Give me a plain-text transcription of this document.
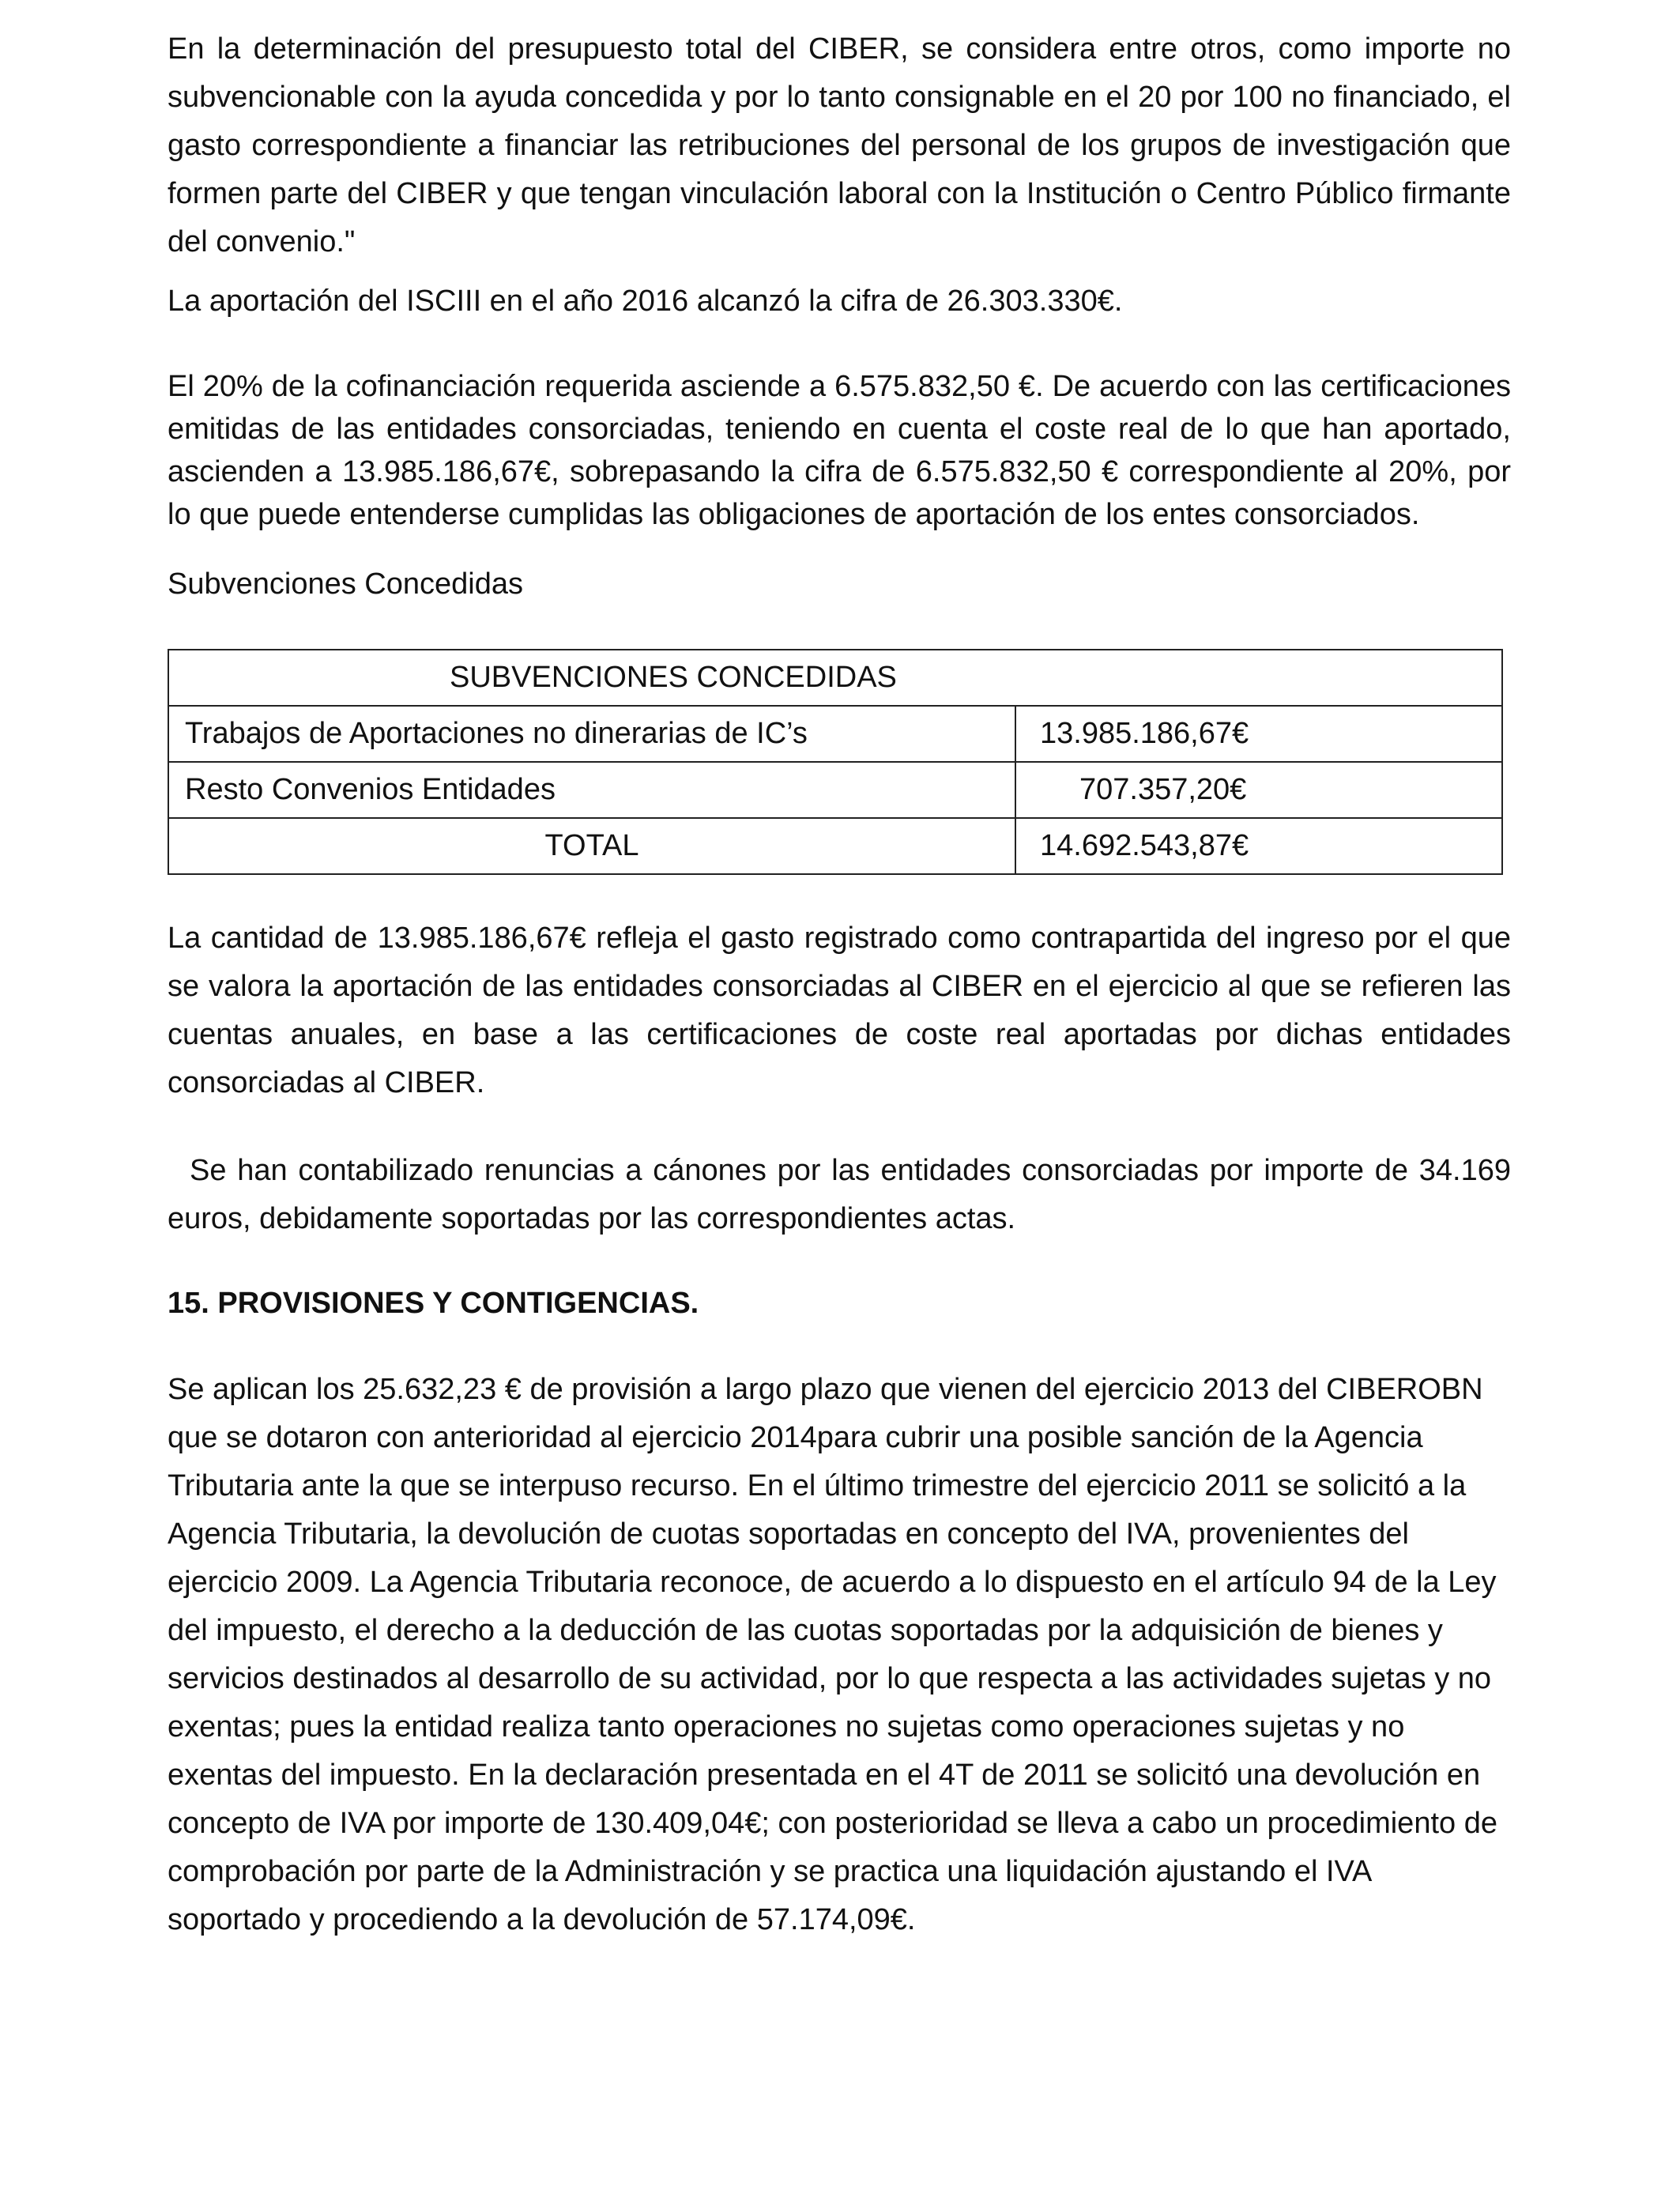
En la determinación del presupuesto total del CIBER, se considera entre otros, como importe no subvencionable con la ayuda concedida y por lo tanto consignable en el 20 por 100 no financiado, el gasto correspondiente a financiar las retribuciones del personal de los grupos de investigación que formen parte del CIBER y que tengan vinculación laboral con la Institución o Centro Público firmante del convenio."

La aportación del ISCIII en el año 2016 alcanzó la cifra de 26.303.330€.

El 20% de la cofinanciación requerida asciende a 6.575.832,50 €. De acuerdo con las certificaciones emitidas de las entidades consorciadas, teniendo en cuenta el coste real de lo que han aportado, ascienden a 13.985.186,67€, sobrepasando la cifra de 6.575.832,50 € correspondiente al 20%, por lo que puede entenderse cumplidas las obligaciones de aportación de los entes consorciados.

Subvenciones Concedidas

SUBVENCIONES CONCEDIDAS	
Trabajos de Aportaciones no dinerarias de IC’s	13.985.186,67€
Resto Convenios Entidades	707.357,20€
TOTAL	14.692.543,87€

La cantidad de 13.985.186,67€ refleja el gasto registrado como contrapartida del ingreso por el que se valora la aportación de las entidades consorciadas al CIBER en el ejercicio al que se refieren las cuentas anuales, en base a las certificaciones de coste real aportadas por dichas entidades consorciadas al CIBER.

Se han contabilizado renuncias a cánones por las entidades consorciadas por importe de 34.169 euros, debidamente soportadas por las correspondientes actas.

15. PROVISIONES Y CONTIGENCIAS.

Se aplican los 25.632,23 € de provisión a largo plazo que vienen del ejercicio 2013 del CIBEROBN que se dotaron con anterioridad al ejercicio 2014para cubrir una posible sanción de la Agencia Tributaria ante la que se interpuso recurso. En el último trimestre del ejercicio 2011 se solicitó a la Agencia Tributaria, la devolución de cuotas soportadas en concepto del IVA, provenientes del ejercicio 2009. La Agencia Tributaria reconoce, de acuerdo a lo dispuesto en el artículo 94 de la Ley del impuesto, el derecho a la deducción de las cuotas soportadas por la adquisición de bienes y servicios destinados al desarrollo de su actividad, por lo que respecta a las actividades sujetas y no exentas; pues la entidad realiza tanto operaciones no sujetas como operaciones sujetas y no exentas del impuesto. En la declaración presentada en el 4T de 2011 se solicitó una devolución en concepto de IVA por importe de 130.409,04€; con posterioridad se lleva a cabo un procedimiento de comprobación por parte de la Administración y se practica una liquidación ajustando el IVA soportado y procediendo a la devolución de 57.174,09€.
